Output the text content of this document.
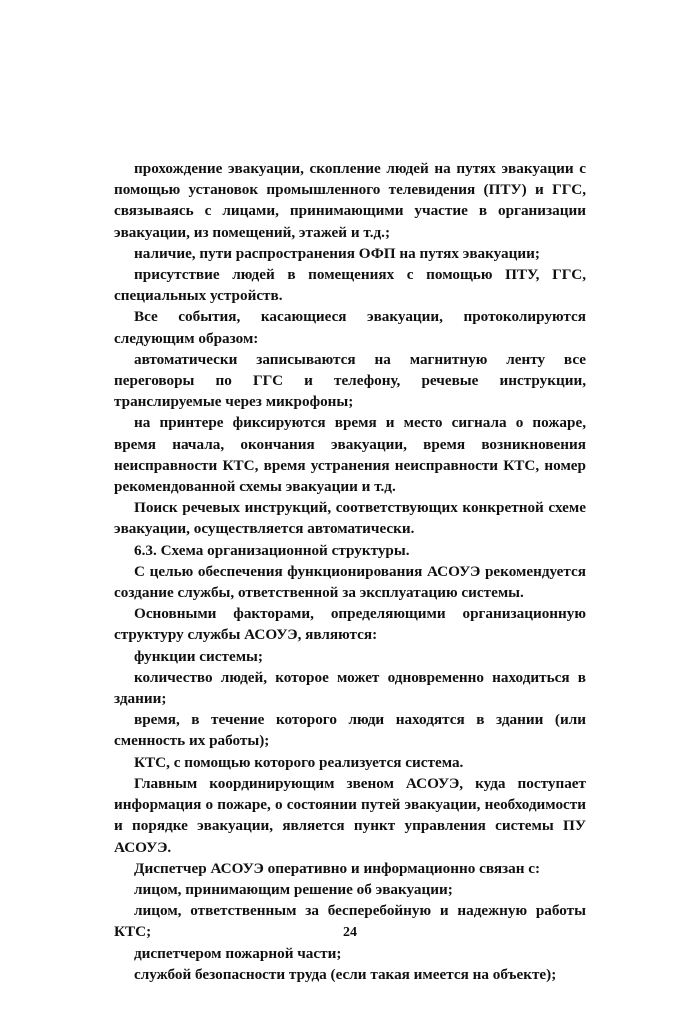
прохождение эвакуации, скопление людей на путях эвакуации с помощью установок промышленного телевидения (ПТУ) и ГГС, связываясь с лицами, принимающими участие в организации эвакуации, из помещений, этажей и т.д.;

наличие, пути распространения ОФП на путях эвакуации;

присутствие людей в помещениях с помощью ПТУ, ГГС, специальных устройств.

Все события, касающиеся эвакуации, протоколируются следующим образом:

автоматически записываются на магнитную ленту все переговоры по ГГС и телефону, речевые инструкции, транслируемые через микрофоны;

на принтере фиксируются время и место сигнала о пожаре, время начала, окончания эвакуации, время возникновения неисправности КТС, время устранения неисправности КТС, номер рекомендованной схемы эвакуации и т.д.

Поиск речевых инструкций, соответствующих конкретной схеме эвакуации, осуществляется автоматически.

6.3. Схема организационной структуры.

С целью обеспечения функционирования АСОУЭ рекомендуется создание службы, ответственной за эксплуатацию системы.

Основными факторами, определяющими организационную структуру службы АСОУЭ, являются:

функции системы;

количество людей, которое может одновременно находиться в здании;

время, в течение которого люди находятся в здании (или сменность их работы);

КТС, с помощью которого реализуется система.

Главным координирующим звеном АСОУЭ, куда поступает информация о пожаре, о состоянии путей эвакуации, необходимости и порядке эвакуации, является пункт управления системы ПУ АСОУЭ.

Диспетчер АСОУЭ оперативно и информационно связан с:

лицом, принимающим решение об эвакуации;

лицом, ответственным за бесперебойную и надежную работы КТС;

диспетчером пожарной части;

службой безопасности труда (если такая имеется на объекте);

24
